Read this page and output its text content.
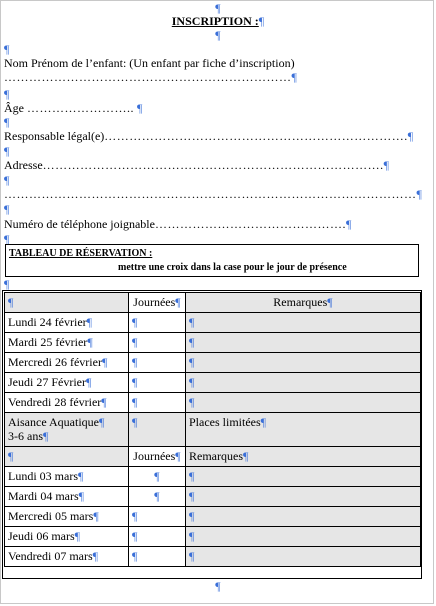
¶
INSCRIPTION :¶
¶
¶
Nom Prénom de l’enfant: (Un enfant par fiche d’inscription)
……………………………………………………………¶
¶
Âge …………………….. ¶
¶
Responsable légal(e)……………………………………………………………….¶
¶
Adresse……………………………………………………………………….¶
¶
………………………………………………………………………………………¶
¶
Numéro de téléphone joignable……………………………………….¶
¶
TABLEAU DE RÉSERVATION :
mettre une croix dans la case pour le jour de présence
¶
¶	Journées¶	Remarques¶
Lundi 24 février¶	¶	¶
Mardi 25 février¶	¶	¶
Mercredi 26 février¶	¶	¶
Jeudi 27 Février¶	¶	¶
Vendredi 28 février¶	¶	¶
Aisance Aquatique¶
3-6 ans¶	¶	Places limitées¶
¶	Journées¶	Remarques¶
Lundi 03 mars¶	¶	¶
Mardi 04 mars¶	¶	¶
Mercredi 05 mars¶	¶	¶
Jeudi 06 mars¶	¶	¶
Vendredi 07 mars¶	¶	¶
¶
